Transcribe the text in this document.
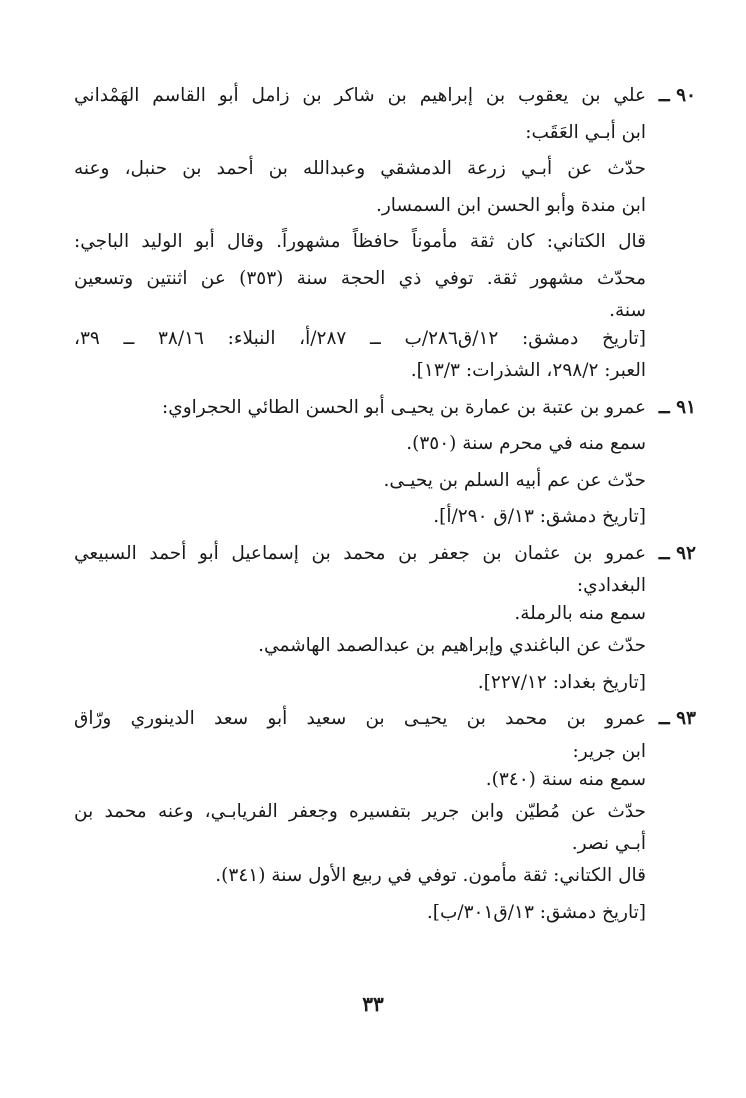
٩٠ ــ
علي بن يعقوب بن إبراهيم بن شاكر بن زامل أبو القاسم الهَمْداني
ابن أبـي العَقَب:
حدّث عن أبـي زرعة الدمشقي وعبدالله بن أحمد بن حنبل، وعنه
ابن مندة وأبو الحسن ابن السمسار.
قال الكتاني: كان ثقة مأموناً حافظاً مشهوراً. وقال أبو الوليد الباجي:
محدّث مشهور ثقة. توفي ذي الحجة سنة (٣٥٣) عن اثنتين وتسعين
سنة.
[تاريخ دمشق: ١٢/ق٢٨٦/ب ــ ٢٨٧/أ، النبلاء: ٣٨/١٦ ــ ٣٩،
العبر: ٢٩٨/٢، الشذرات: ١٣/٣].
٩١ ــعمرو بن عتبة بن عمارة بن يحيـى أبو الحسن الطائي الحجراوي:
سمع منه في محرم سنة (٣٥٠).
حدّث عن عم أبيه السلم بن يحيـى.
[تاريخ دمشق: ١٣/ق ٢٩٠/أ].
٩٢ ــ
عمرو بن عثمان بن جعفر بن محمد بن إسماعيل أبو أحمد السبيعي
البغدادي:
سمع منه بالرملة.
حدّث عن الباغندي وإبراهيم بن عبدالصمد الهاشمي.
[تاريخ بغداد: ٢٢٧/١٢].
٩٣ ــ
عمرو بن محمد بن يحيـى بن سعيد أبو سعد الدينوري ورّاق
ابن جرير:
سمع منه سنة (٣٤٠).
حدّث عن مُطيّن وابن جرير بتفسيره وجعفر الفريابـي، وعنه محمد بن
أبـي نصر.
قال الكتاني: ثقة مأمون. توفي في ربيع الأول سنة (٣٤١).
[تاريخ دمشق: ١٣/ق٣٠١/ب].
٣٣
